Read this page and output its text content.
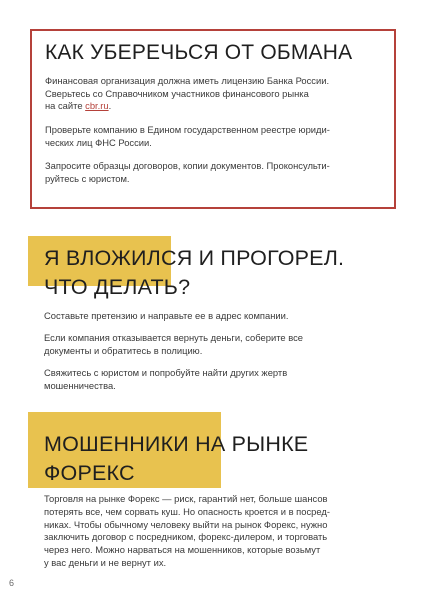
КАК УБЕРЕЧЬСЯ ОТ ОБМАНА

Финансовая организация должна иметь лицензию Банка России.
Сверьтесь со Справочником участников финансового рынка
на сайте cbr.ru.

Проверьте компанию в Едином государственном реестре юриди-
ческих лиц ФНС России.

Запросите образцы договоров, копии документов. Проконсульти-
руйтесь с юристом.

Я ВЛОЖИЛСЯ И ПРОГОРЕЛ.
ЧТО ДЕЛАТЬ?

Составьте претензию и направьте ее в адрес компании.

Если компания отказывается вернуть деньги, соберите все
документы и обратитесь в полицию.

Свяжитесь с юристом и попробуйте найти других жертв
мошенничества.

МОШЕННИКИ НА РЫНКЕ
ФОРЕКС

Торговля на рынке Форекс — риск, гарантий нет, больше шансов
потерять все, чем сорвать куш. Но опасность кроется и в посред-
никах. Чтобы обычному человеку выйти на рынок Форекс, нужно
заключить договор с посредником, форекс-дилером, и торговать
через него. Можно нарваться на мошенников, которые возьмут
у вас деньги и не вернут их.

6
